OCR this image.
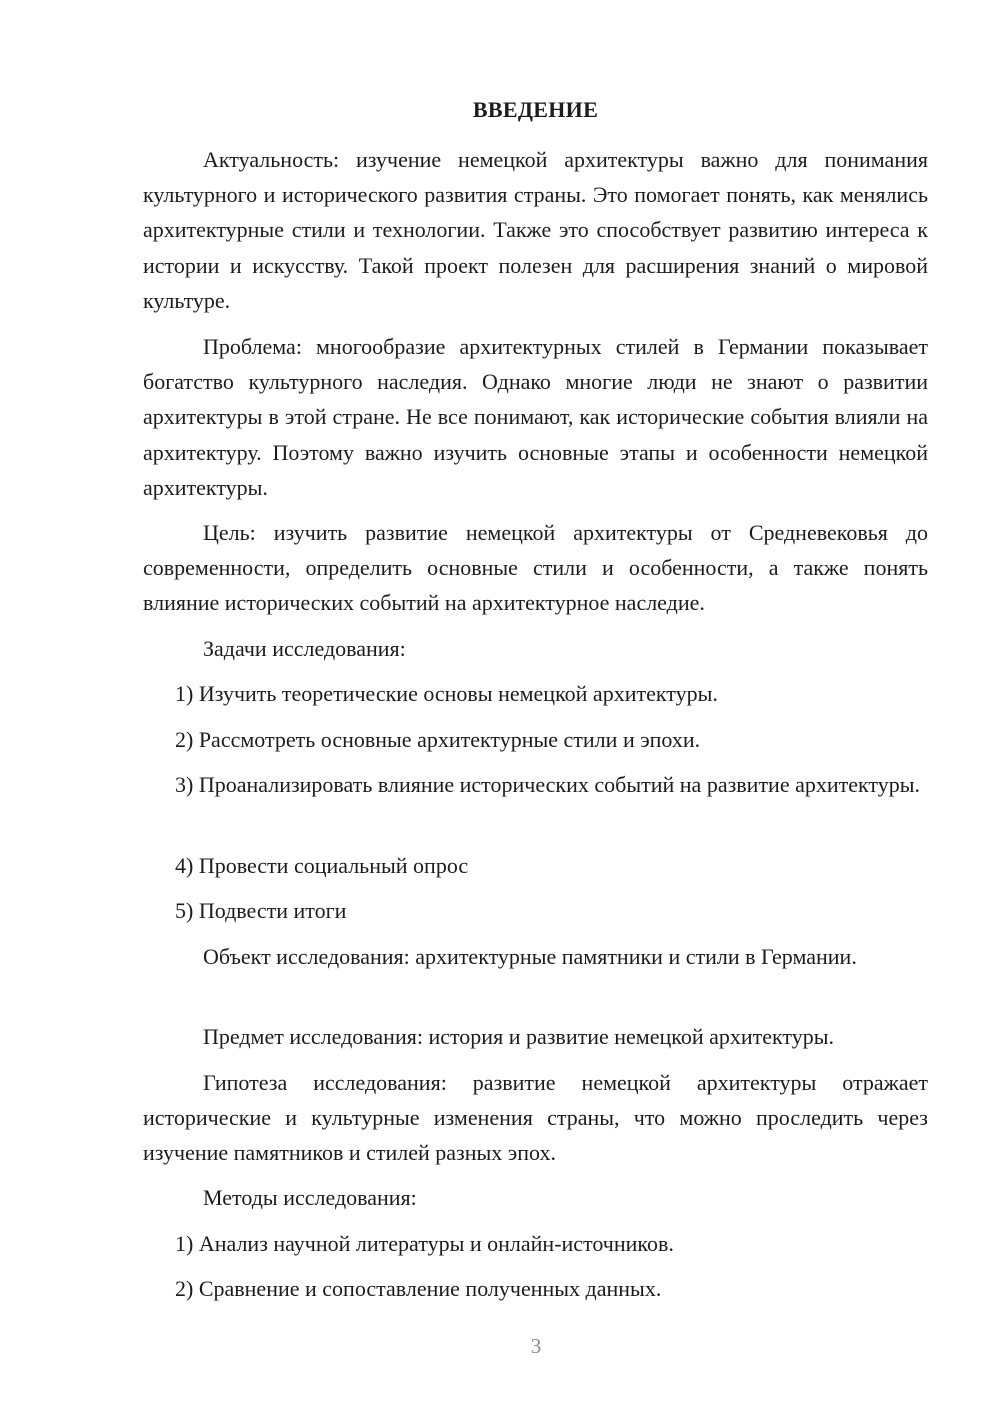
ВВЕДЕНИЕ

Актуальность: изучение немецкой архитектуры важно для понимания культурного и исторического развития страны. Это помогает понять, как менялись архитектурные стили и технологии. Также это способствует развитию интереса к истории и искусству. Такой проект полезен для расширения знаний о мировой культуре.

Проблема: многообразие архитектурных стилей в Германии показывает богатство культурного наследия. Однако многие люди не знают о развитии архитектуры в этой стране. Не все понимают, как исторические события влияли на архитектуру. Поэтому важно изучить основные этапы и особенности немецкой архитектуры.

Цель: изучить развитие немецкой архитектуры от Средневековья до современности, определить основные стили и особенности, а также понять влияние исторических событий на архитектурное наследие.

Задачи исследования:

1) Изучить теоретические основы немецкой архитектуры.

2) Рассмотреть основные архитектурные стили и эпохи.

3) Проанализировать влияние исторических событий на развитие архитектуры.

4) Провести социальный опрос

5) Подвести итоги

Объект исследования: архитектурные памятники и стили в Германии.

Предмет исследования: история и развитие немецкой архитектуры.

Гипотеза исследования: развитие немецкой архитектуры отражает исторические и культурные изменения страны, что можно проследить через изучение памятников и стилей разных эпох.

Методы исследования:

1) Анализ научной литературы и онлайн-источников.

2) Сравнение и сопоставление полученных данных.

3
